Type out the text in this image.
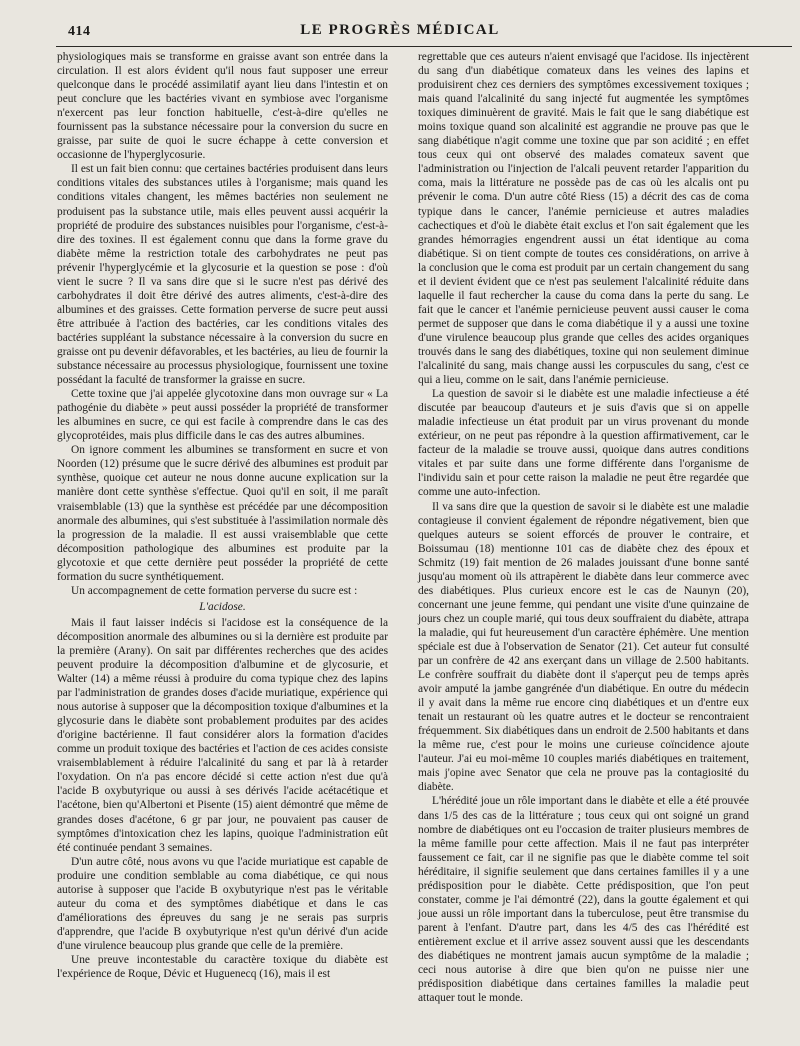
414	LE PROGRÈS MÉDICAL

physiologiques mais se transforme en graisse avant son entrée dans la circulation. Il est alors évident qu'il nous faut supposer une erreur quelconque dans le procédé assimilatif ayant lieu dans l'intestin et on peut conclure que les bactéries vivant en symbiose avec l'organisme n'exercent pas leur fonction habituelle, c'est-à-dire qu'elles ne fournissent pas la substance nécessaire pour la conversion du sucre en graisse, par suite de quoi le sucre échappe à cette conversion et occasionne de l'hyperglycosurie.

Il est un fait bien connu: que certaines bactéries produisent dans leurs conditions vitales des substances utiles à l'organisme; mais quand les conditions vitales changent, les mêmes bactéries non seulement ne produisent pas la substance utile, mais elles peuvent aussi acquérir la propriété de produire des substances nuisibles pour l'organisme, c'est-à-dire des toxines. Il est également connu que dans la forme grave du diabète même la restriction totale des carbohydrates ne peut pas prévenir l'hyperglycémie et la glycosurie et la question se pose : d'où vient le sucre ? Il va sans dire que si le sucre n'est pas dérivé des carbohydrates il doit être dérivé des autres aliments, c'est-à-dire des albumines et des graisses. Cette formation perverse de sucre peut aussi être attribuée à l'action des bactéries, car les conditions vitales des bactéries suppléant la substance nécessaire à la conversion du sucre en graisse ont pu devenir défavorables, et les bactéries, au lieu de fournir la substance nécessaire au processus physiologique, fournissent une toxine possédant la faculté de transformer la graisse en sucre.

Cette toxine que j'ai appelée glycotoxine dans mon ouvrage sur « La pathogénie du diabète » peut aussi posséder la propriété de transformer les albumines en sucre, ce qui est facile à comprendre dans le cas des glycoprotéides, mais plus difficile dans le cas des autres albumines.

On ignore comment les albumines se transforment en sucre et von Noorden (12) présume que le sucre dérivé des albumines est produit par synthèse, quoique cet auteur ne nous donne aucune explication sur la manière dont cette synthèse s'effectue. Quoi qu'il en soit, il me paraît vraisemblable (13) que la synthèse est précédée par une décomposition anormale des albumines, qui s'est substituée à l'assimilation normale dès la progression de la maladie. Il est aussi vraisemblable que cette décomposition pathologique des albumines est produite par la glycotoxie et que cette dernière peut posséder la propriété de cette formation du sucre synthétiquement.

Un accompagnement de cette formation perverse du sucre est :

L'acidose.

Mais il faut laisser indécis si l'acidose est la conséquence de la décomposition anormale des albumines ou si la dernière est produite par la première (Arany). On sait par différentes recherches que des acides peuvent produire la décomposition d'albumine et de glycosurie, et Walter (14) a même réussi à produire du coma typique chez des lapins par l'administration de grandes doses d'acide muriatique, expérience qui nous autorise à supposer que la décomposition toxique d'albumines et la glycosurie dans le diabète sont probablement produites par des acides d'origine bactérienne. Il faut considérer alors la formation d'acides comme un produit toxique des bactéries et l'action de ces acides consiste vraisemblablement à réduire l'alcalinité du sang et par là à retarder l'oxydation. On n'a pas encore décidé si cette action n'est due qu'à l'acide B oxybutyrique ou aussi à ses dérivés l'acide acétacétique et l'acétone, bien qu'Albertoni et Pisente (15) aient démontré que même de grandes doses d'acétone, 6 gr par jour, ne pouvaient pas causer de symptômes d'intoxication chez les lapins, quoique l'administration eût été continuée pendant 3 semaines.

D'un autre côté, nous avons vu que l'acide muriatique est capable de produire une condition semblable au coma diabétique, ce qui nous autorise à supposer que l'acide B oxybutyrique n'est pas le véritable auteur du coma et des symptômes diabétique et dans le cas d'améliorations des épreuves du sang je ne serais pas surpris d'apprendre, que l'acide B oxybutyrique n'est qu'un dérivé d'un acide d'une virulence beaucoup plus grande que celle de la première.

Une preuve incontestable du caractère toxique du diabète est l'expérience de Roque, Dévic et Huguenecq (16), mais il est

regrettable que ces auteurs n'aient envisagé que l'acidose. Ils injectèrent du sang d'un diabétique comateux dans les veines des lapins et produisirent chez ces derniers des symptômes excessivement toxiques ; mais quand l'alcalinité du sang injecté fut augmentée les symptômes toxiques diminuèrent de gravité. Mais le fait que le sang diabétique est moins toxique quand son alcalinité est aggrandie ne prouve pas que le sang diabétique n'agit comme une toxine que par son acidité ; en effet tous ceux qui ont observé des malades comateux savent que l'administration ou l'injection de l'alcali peuvent retarder l'apparition du coma, mais la littérature ne possède pas de cas où les alcalis ont pu prévenir le coma. D'un autre côté Riess (15) a décrit des cas de coma typique dans le cancer, l'anémie pernicieuse et autres maladies cachectiques et d'où le diabète était exclus et l'on sait également que les grandes hémorragies engendrent aussi un état identique au coma diabétique. Si on tient compte de toutes ces considérations, on arrive à la conclusion que le coma est produit par un certain changement du sang et il devient évident que ce n'est pas seulement l'alcalinité réduite dans laquelle il faut rechercher la cause du coma dans la perte du sang. Le fait que le cancer et l'anémie pernicieuse peuvent aussi causer le coma permet de supposer que dans le coma diabétique il y a aussi une toxine d'une virulence beaucoup plus grande que celles des acides organiques trouvés dans le sang des diabétiques, toxine qui non seulement diminue l'alcalinité du sang, mais change aussi les corpuscules du sang, c'est ce qui a lieu, comme on le sait, dans l'anémie pernicieuse.

La question de savoir si le diabète est une maladie infectieuse a été discutée par beaucoup d'auteurs et je suis d'avis que si on appelle maladie infectieuse un état produit par un virus provenant du monde extérieur, on ne peut pas répondre à la question affirmativement, car le facteur de la maladie se trouve aussi, quoique dans autres conditions vitales et par suite dans une forme différente dans l'organisme de l'individu sain et pour cette raison la maladie ne peut être regardée que comme une auto-infection.

Il va sans dire que la question de savoir si le diabète est une maladie contagieuse il convient également de répondre négativement, bien que quelques auteurs se soient efforcés de prouver le contraire, et Boissumau (18) mentionne 101 cas de diabète chez des époux et Schmitz (19) fait mention de 26 malades jouissant d'une bonne santé jusqu'au moment où ils attrapèrent le diabète dans leur commerce avec des diabétiques. Plus curieux encore est le cas de Naunyn (20), concernant une jeune femme, qui pendant une visite d'une quinzaine de jours chez un couple marié, qui tous deux souffraient du diabète, attrapa la maladie, qui fut heureusement d'un caractère éphémère. Une mention spéciale est due à l'observation de Senator (21). Cet auteur fut consulté par un confrère de 42 ans exerçant dans un village de 2.500 habitants. Le confrère souffrait du diabète dont il s'aperçut peu de temps après avoir amputé la jambe gangrénée d'un diabétique. En outre du médecin il y avait dans la même rue encore cinq diabétiques et un d'entre eux tenait un restaurant où les quatre autres et le docteur se rencontraient fréquemment. Six diabétiques dans un endroit de 2.500 habitants et dans la même rue, c'est pour le moins une curieuse coïncidence ajoute l'auteur. J'ai eu moi-même 10 couples mariés diabétiques en traitement, mais j'opine avec Senator que cela ne prouve pas la contagiosité du diabète.

L'hérédité joue un rôle important dans le diabète et elle a été prouvée dans 1/5 des cas de la littérature ; tous ceux qui ont soigné un grand nombre de diabétiques ont eu l'occasion de traiter plusieurs membres de la même famille pour cette affection. Mais il ne faut pas interpréter faussement ce fait, car il ne signifie pas que le diabète comme tel soit héréditaire, il signifie seulement que dans certaines familles il y a une prédisposition pour le diabète. Cette prédisposition, que l'on peut constater, comme je l'ai démontré (22), dans la goutte également et qui joue aussi un rôle important dans la tuberculose, peut être transmise du parent à l'enfant. D'autre part, dans les 4/5 des cas l'hérédité est entièrement exclue et il arrive assez souvent aussi que les descendants des diabétiques ne montrent jamais aucun symptôme de la maladie ; ceci nous autorise à dire que bien qu'on ne puisse nier une prédisposition diabétique dans certaines familles la maladie peut attaquer tout le monde.
